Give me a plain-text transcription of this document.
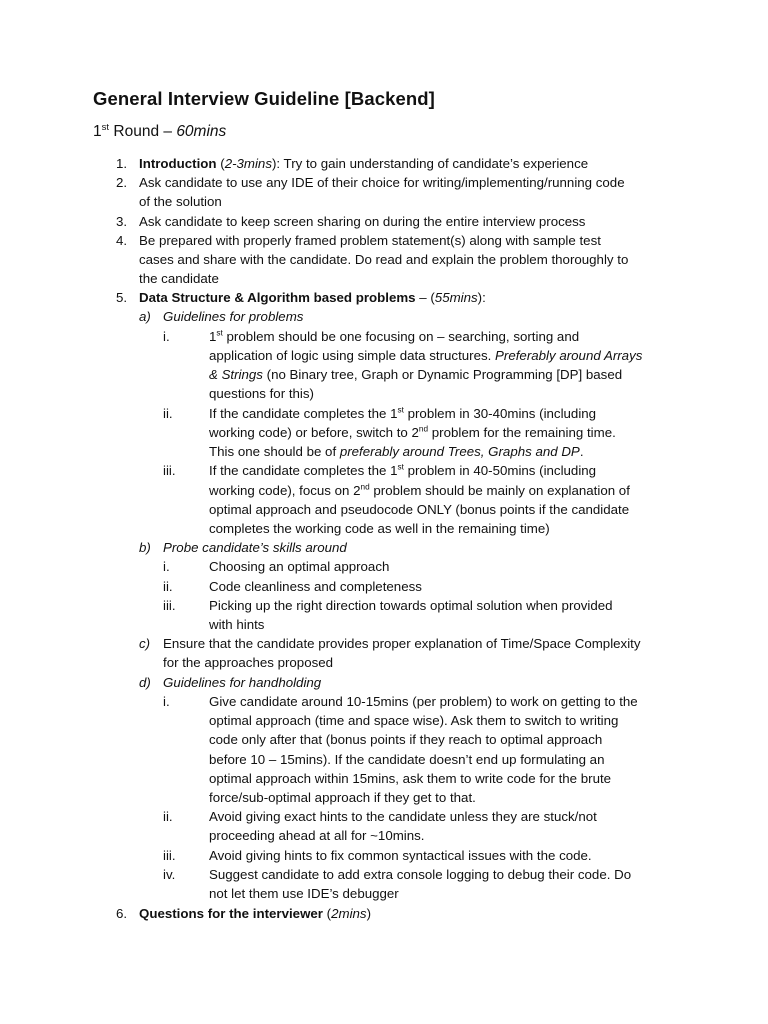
General Interview Guideline [Backend]
1st Round – 60mins
1. Introduction (2-3mins): Try to gain understanding of candidate’s experience
2. Ask candidate to use any IDE of their choice for writing/implementing/running code
of the solution
3. Ask candidate to keep screen sharing on during the entire interview process
4. Be prepared with properly framed problem statement(s) along with sample test
cases and share with the candidate. Do read and explain the problem thoroughly to
the candidate
5. Data Structure & Algorithm based problems – (55mins):
a) Guidelines for problems
i.	1st problem should be one focusing on – searching, sorting and
application of logic using simple data structures. Preferably around Arrays
& Strings (no Binary tree, Graph or Dynamic Programming [DP] based
questions for this)
ii.	If the candidate completes the 1st problem in 30-40mins (including
working code) or before, switch to 2nd problem for the remaining time.
This one should be of preferably around Trees, Graphs and DP.
iii.	If the candidate completes the 1st problem in 40-50mins (including
working code), focus on 2nd problem should be mainly on explanation of
optimal approach and pseudocode ONLY (bonus points if the candidate
completes the working code as well in the remaining time)
b) Probe candidate’s skills around
i.	Choosing an optimal approach
ii.	Code cleanliness and completeness
iii.	Picking up the right direction towards optimal solution when provided
with hints
c) Ensure that the candidate provides proper explanation of Time/Space Complexity
for the approaches proposed
d) Guidelines for handholding
i.	Give candidate around 10-15mins (per problem) to work on getting to the
optimal approach (time and space wise). Ask them to switch to writing
code only after that (bonus points if they reach to optimal approach
before 10 – 15mins). If the candidate doesn’t end up formulating an
optimal approach within 15mins, ask them to write code for the brute
force/sub-optimal approach if they get to that.
ii.	Avoid giving exact hints to the candidate unless they are stuck/not
proceeding ahead at all for ~10mins.
iii.	Avoid giving hints to fix common syntactical issues with the code.
iv.	Suggest candidate to add extra console logging to debug their code. Do
not let them use IDE’s debugger
6. Questions for the interviewer (2mins)
